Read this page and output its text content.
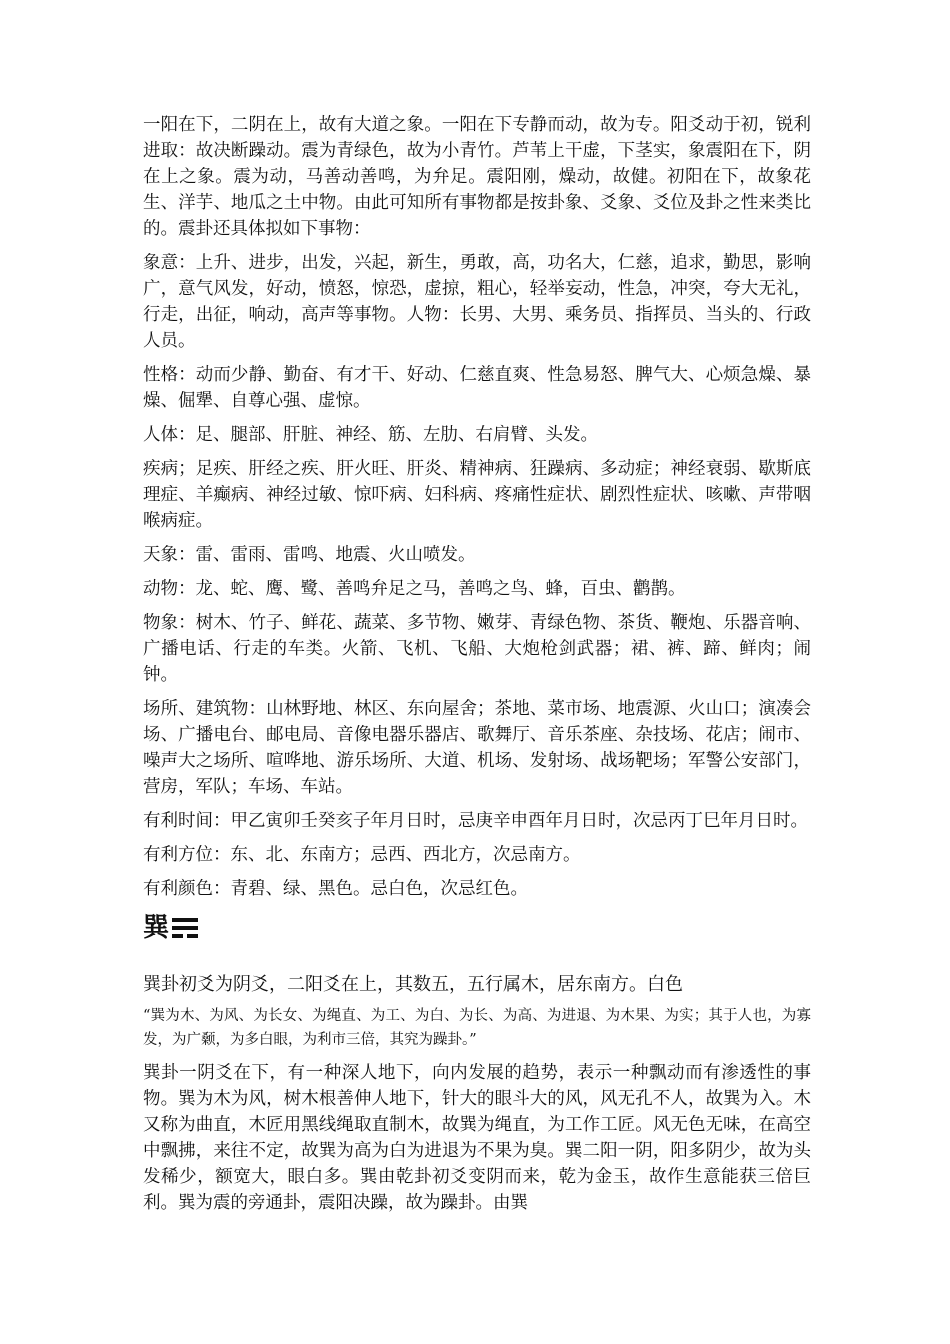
一阳在下，二阴在上，故有大道之象。一阳在下专静而动，故为专。阳爻动于初，锐利进取：故决断躁动。震为青绿色，故为小青竹。芦苇上干虚，下茎实，象震阳在下，阴在上之象。震为动，马善动善鸣，为弁足。震阳刚，燥动，故健。初阳在下，故象花生、洋芋、地瓜之土中物。由此可知所有事物都是按卦象、爻象、爻位及卦之性来类比的。震卦还具体拟如下事物：

象意：上升、进步，出发，兴起，新生，勇敢，高，功名大，仁慈，追求，勤思，影响广，意气风发，好动，愤怒，惊恐，虚掠，粗心，轻举妄动，性急，冲突，夸大无礼，行走，出征，响动，高声等事物。人物：长男、大男、乘务员、指挥员、当头的、行政人员。

性格：动而少静、勤奋、有才干、好动、仁慈直爽、性急易怒、脾气大、心烦急燥、暴燥、倔犟、自尊心强、虚惊。

人体：足、腿部、肝脏、神经、筋、左肋、右肩臂、头发。

疾病；足疾、肝经之疾、肝火旺、肝炎、精神病、狂躁病、多动症；神经衰弱、歇斯底理症、羊癫病、神经过敏、惊吓病、妇科病、疼痛性症状、剧烈性症状、咳嗽、声带咽喉病症。

天象：雷、雷雨、雷鸣、地震、火山喷发。

动物：龙、蛇、鹰、鹭、善鸣弁足之马，善鸣之鸟、蜂，百虫、鹳鹊。

物象：树木、竹子、鲜花、蔬菜、多节物、嫩芽、青绿色物、茶货、鞭炮、乐器音响、广播电话、行走的车类。火箭、飞机、飞船、大炮枪剑武器；裙、裤、蹄、鲜肉；闹钟。

场所、建筑物：山林野地、林区、东向屋舍；茶地、菜市场、地震源、火山口；演凑会场、广播电台、邮电局、音像电器乐器店、歌舞厅、音乐茶座、杂技场、花店；闹市、噪声大之场所、喧哗地、游乐场所、大道、机场、发射场、战场靶场；军警公安部门，营房，军队；车场、车站。

有利时间：甲乙寅卯壬癸亥子年月日时，忌庚辛申酉年月日时，次忌丙丁巳年月日时。

有利方位：东、北、东南方；忌西、西北方，次忌南方。

有利颜色：青碧、绿、黑色。忌白色，次忌红色。

巽

巽卦初爻为阴爻，二阳爻在上，其数五，五行属木，居东南方。白色

“巽为木、为风、为长女、为绳直、为工、为白、为长、为高、为进退、为木果、为实；其于人也，为寡发，为广颡，为多白眼，为利市三倍，其究为躁卦。”

巽卦一阴爻在下，有一种深人地下，向内发展的趋势，表示一种飘动而有渗透性的事物。巽为木为风，树木根善伸人地下，针大的眼斗大的风，风无孔不人，故巽为入。木又称为曲直，木匠用黑线绳取直制木，故巽为绳直，为工作工匠。风无色无味，在高空中飘拂，来往不定，故巽为高为白为进退为不果为臭。巽二阳一阴，阳多阴少，故为头发稀少，额宽大，眼白多。巽由乾卦初爻变阴而来，乾为金玉，故作生意能获三倍巨利。巽为震的旁通卦，震阳决躁，故为躁卦。由巽
